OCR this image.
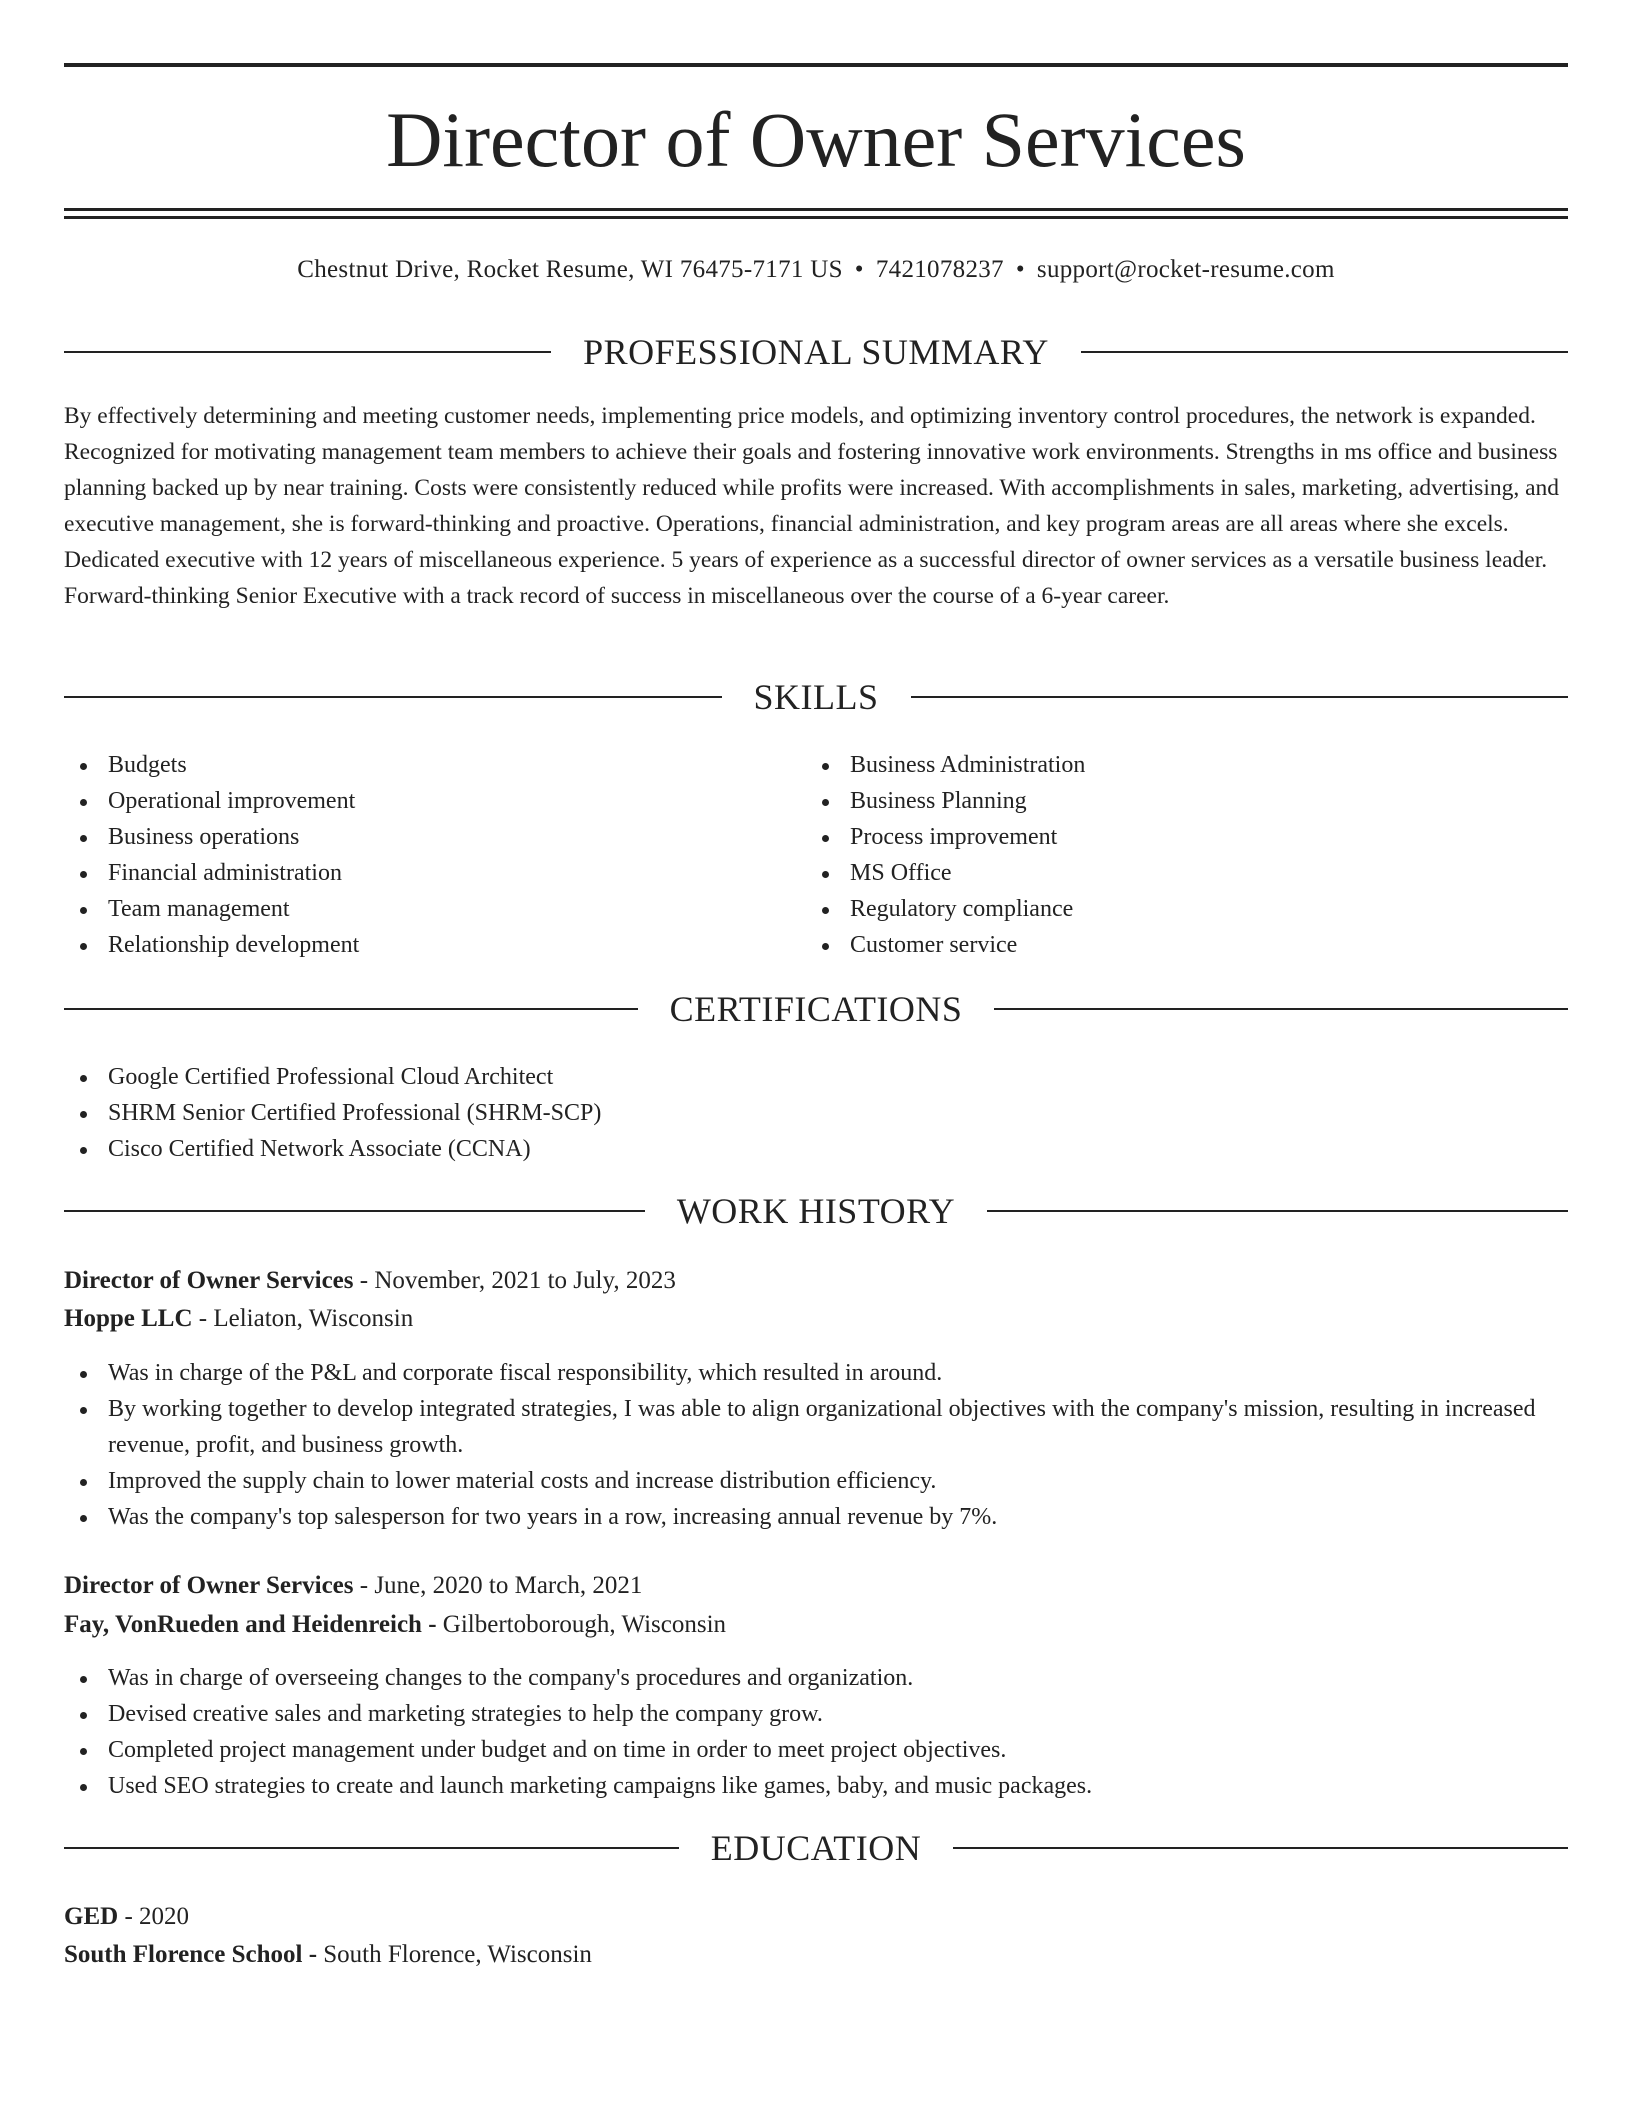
Director of Owner Services
Chestnut Drive, Rocket Resume, WI 76475-7171 US • 7421078237 • support@rocket-resume.com
PROFESSIONAL SUMMARY

By effectively determining and meeting customer needs, implementing price models, and optimizing inventory control procedures, the network is expanded. Recognized for motivating management team members to achieve their goals and fostering innovative work environments. Strengths in ms office and business planning backed up by near training. Costs were consistently reduced while profits were increased. With accomplishments in sales, marketing, advertising, and executive management, she is forward-thinking and proactive. Operations, financial administration, and key program areas are all areas where she excels. Dedicated executive with 12 years of miscellaneous experience. 5 years of experience as a successful director of owner services as a versatile business leader. Forward-thinking Senior Executive with a track record of success in miscellaneous over the course of a 6-year career.

SKILLS
Budgets
Operational improvement
Business operations
Financial administration
Team management
Relationship development
Business Administration
Business Planning
Process improvement
MS Office
Regulatory compliance
Customer service
CERTIFICATIONS
Google Certified Professional Cloud Architect
SHRM Senior Certified Professional (SHRM-SCP)
Cisco Certified Network Associate (CCNA)
WORK HISTORY
Director of Owner Services - November, 2021 to July, 2023
Hoppe LLC - Leliaton, Wisconsin
Was in charge of the P&L and corporate fiscal responsibility, which resulted in around.
By working together to develop integrated strategies, I was able to align organizational objectives with the company's mission, resulting in increased revenue, profit, and business growth.
Improved the supply chain to lower material costs and increase distribution efficiency.
Was the company's top salesperson for two years in a row, increasing annual revenue by 7%.
Director of Owner Services - June, 2020 to March, 2021
Fay, VonRueden and Heidenreich - Gilbertoborough, Wisconsin
Was in charge of overseeing changes to the company's procedures and organization.
Devised creative sales and marketing strategies to help the company grow.
Completed project management under budget and on time in order to meet project objectives.
Used SEO strategies to create and launch marketing campaigns like games, baby, and music packages.
EDUCATION
GED - 2020
South Florence School - South Florence, Wisconsin
